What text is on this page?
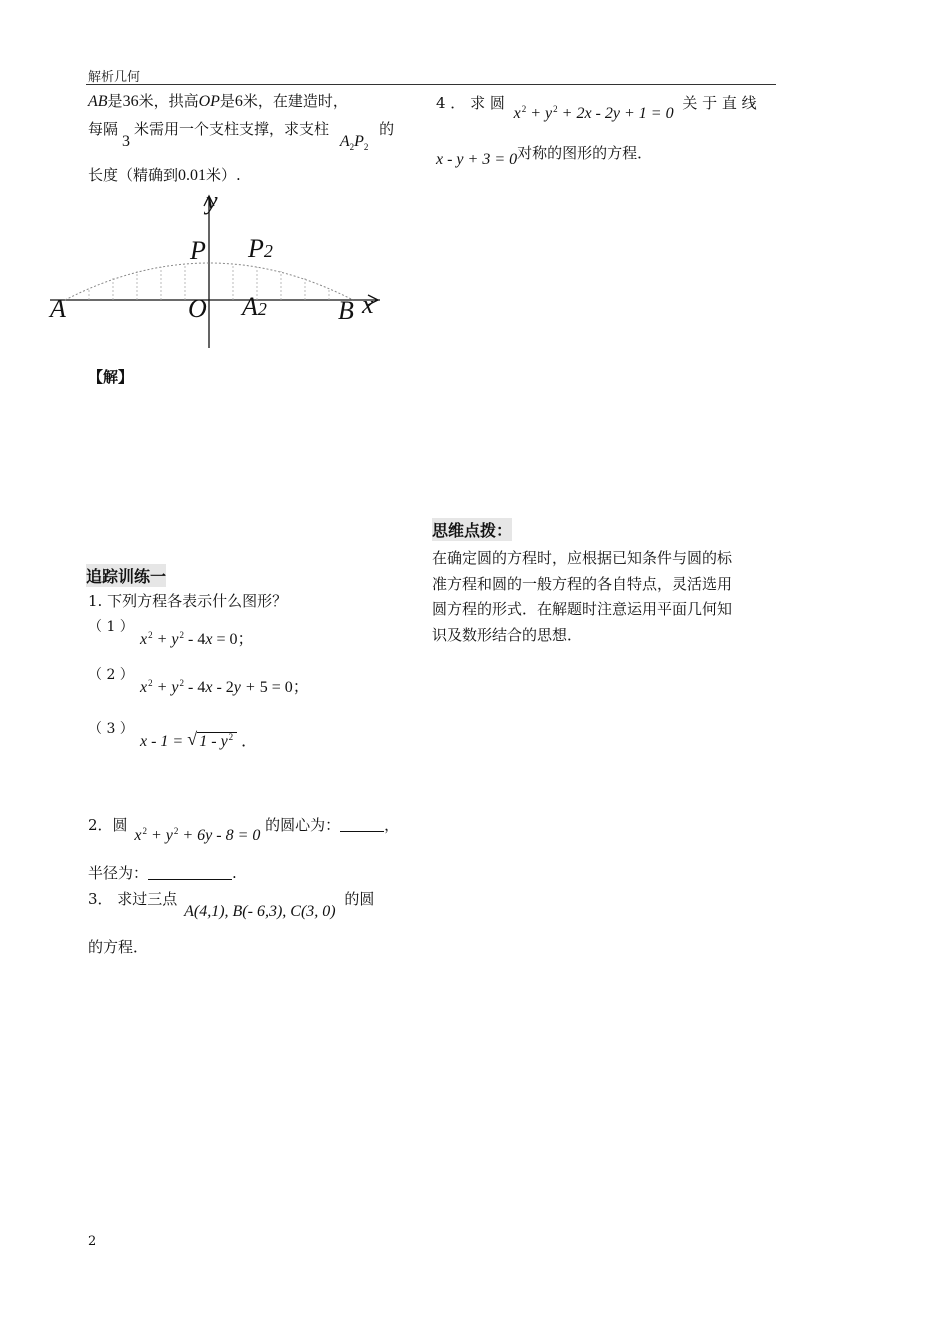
解析几何
AB是36米，拱高OP是6米，在建造时，
每隔3米需用一个支柱支撑，求支柱 $A_2P_2$ 的
长度（精确到0.01米）.
y
x
P P2
A	O A2	B
【解】
思维点拨：
在确定圆的方程时，应根据已知条件与圆的标
准方程和圆的一般方程的各自特点，灵活选用
圆方程的形式．在解题时注意运用平面几何知
识及数形结合的思想．
追踪训练一
1. 下列方程各表示什么图形？
（ 1 ）
$x^2 + y^2 - 4x = 0$；
（ 2 ）
$x^2 + y^2 - 4x - 2y + 5 = 0$；
（ 3 ）
x - 1 = √ $1 - y^2$ ．
2．圆 $x^2 + y^2 + 6y - 8 = 0$ 的圆心为：	，
半径为：	.
3． 求过三点 A(4,1), B(- 6,3), C(3, 0) 的圆
的方程．
4 ． 求 圆 $x^2 + y^2 + 2x - 2y + 1 = 0$ 关 于 直 线
x - y + 3 = 0对称的图形的方程．
2
